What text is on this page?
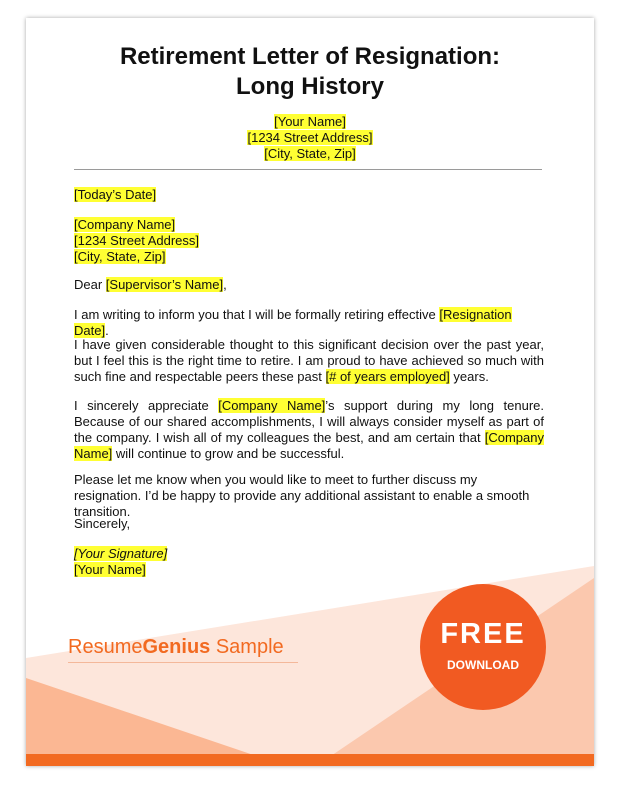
Retirement Letter of Resignation:
Long History
[Your Name]
[1234 Street Address]
[City, State, Zip]
[Today’s Date]
[Company Name]
[1234 Street Address]
[City, State, Zip]
Dear [Supervisor’s Name],
I am writing to inform you that I will be formally retiring effective [Resignation Date].
I have given considerable thought to this significant decision over the past year, but I feel this is the right time to retire. I am proud to have achieved so much with such fine and respectable peers these past [# of years employed] years.
I sincerely appreciate [Company Name]’s support during my long tenure. Because of our shared accomplishments, I will always consider myself as part of the company. I wish all of my colleagues the best, and am certain that [Company Name] will continue to grow and be successful.
Please let me know when you would like to meet to further discuss my resignation. I’d be happy to provide any additional assistant to enable a smooth transition.
Sincerely,
[Your Signature]
[Your Name]
ResumeGenius Sample	FREE
DOWNLOAD
